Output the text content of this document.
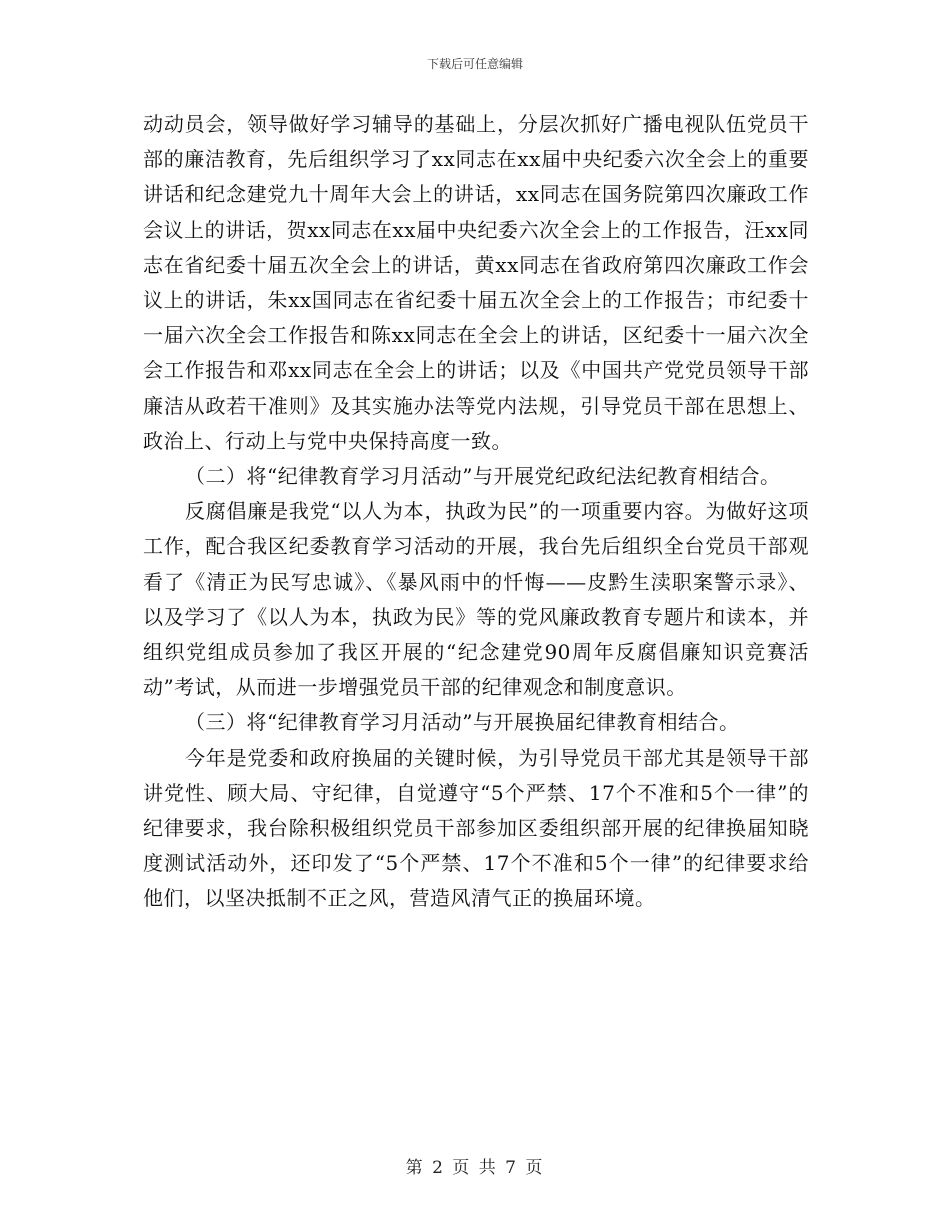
下载后可任意编辑

动动员会，领导做好学习辅导的基础上，分层次抓好广播电视队伍党员干部的廉洁教育，先后组织学习了xx同志在xx届中央纪委六次全会上的重要讲话和纪念建党九十周年大会上的讲话，xx同志在国务院第四次廉政工作会议上的讲话，贺xx同志在xx届中央纪委六次全会上的工作报告，汪xx同志在省纪委十届五次全会上的讲话，黄xx同志在省政府第四次廉政工作会议上的讲话，朱xx国同志在省纪委十届五次全会上的工作报告；市纪委十一届六次全会工作报告和陈xx同志在全会上的讲话，区纪委十一届六次全会工作报告和邓xx同志在全会上的讲话；以及《中国共产党党员领导干部廉洁从政若干准则》及其实施办法等党内法规，引导党员干部在思想上、政治上、行动上与党中央保持高度一致。

（二）将“纪律教育学习月活动”与开展党纪政纪法纪教育相结合。

反腐倡廉是我党“以人为本，执政为民”的一项重要内容。为做好这项工作，配合我区纪委教育学习活动的开展，我台先后组织全台党员干部观看了《清正为民写忠诚》、《暴风雨中的忏悔——皮黔生渎职案警示录》、以及学习了《以人为本，执政为民》等的党风廉政教育专题片和读本，并组织党组成员参加了我区开展的“纪念建党90周年反腐倡廉知识竞赛活动”考试，从而进一步增强党员干部的纪律观念和制度意识。

（三）将“纪律教育学习月活动”与开展换届纪律教育相结合。

今年是党委和政府换届的关键时候，为引导党员干部尤其是领导干部讲党性、顾大局、守纪律，自觉遵守“5个严禁、17个不准和5个一律”的纪律要求，我台除积极组织党员干部参加区委组织部开展的纪律换届知晓度测试活动外，还印发了“5个严禁、17个不准和5个一律”的纪律要求给他们，以坚决抵制不正之风，营造风清气正的换届环境。

第 2 页 共 7 页
